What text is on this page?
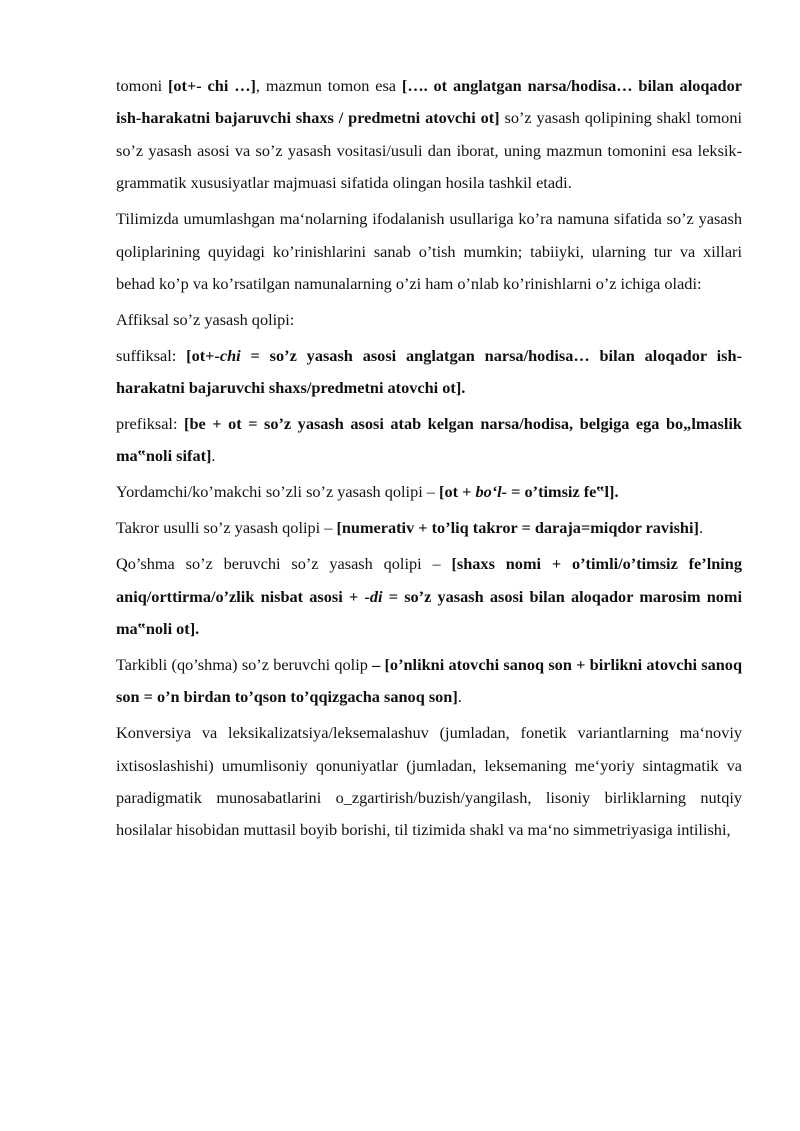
tomoni [ot+- chi …], mazmun tomon esa […. ot anglatgan narsa/hodisa… bilan aloqador ish-harakatni bajaruvchi shaxs / predmetni atovchi ot] so’z yasash qolipining shakl tomoni so’z yasash asosi va so’z yasash vositasi/usuli dan iborat, uning mazmun tomonini esa leksik- grammatik xususiyatlar majmuasi sifatida olingan hosila tashkil etadi.

Tilimizda umumlashgan ma‘nolarning ifodalanish usullariga ko’ra namuna sifatida so’z yasash qoliplarining quyidagi ko’rinishlarini sanab o’tish mumkin; tabiiyki, ularning tur va xillari behad ko’p va ko’rsatilgan namunalarning o’zi ham o’nlab ko’rinishlarni o’z ichiga oladi:

Affiksal so’z yasash qolipi:

suffiksal: [ot+-chi = so’z yasash asosi anglatgan narsa/hodisa… bilan aloqador ish-harakatni bajaruvchi shaxs/predmetni atovchi ot].

prefiksal: [be + ot = so’z yasash asosi atab kelgan narsa/hodisa, belgiga ega bo„lmaslik ma‟noli sifat].

Yordamchi/ko’makchi so’zli so’z yasash qolipi – [ot + bo‘l- = o’timsiz fe‟l].

Takror usulli so’z yasash qolipi – [numerativ + to’liq takror = daraja=miqdor ravishi].

Qo’shma so’z beruvchi so’z yasash qolipi – [shaxs nomi + o’timli/o’timsiz fe’lning aniq/orttirma/o’zlik nisbat asosi + -di = so’z yasash asosi bilan aloqador marosim nomi ma‟noli ot].

Tarkibli (qo’shma) so’z beruvchi qolip – [o’nlikni atovchi sanoq son + birlikni atovchi sanoq son = o’n birdan to’qson to’qqizgacha sanoq son].

Konversiya va leksikalizatsiya/leksemalashuv (jumladan, fonetik variantlarning ma‘noviy ixtisoslashishi) umumlisoniy qonuniyatlar (jumladan, leksemaning me‘yoriy sintagmatik va paradigmatik munosabatlarini o_zgartirish/buzish/yangilash, lisoniy birliklarning nutqiy hosilalar hisobidan muttasil boyib borishi, til tizimida shakl va ma‘no simmetriyasiga intilishi,
